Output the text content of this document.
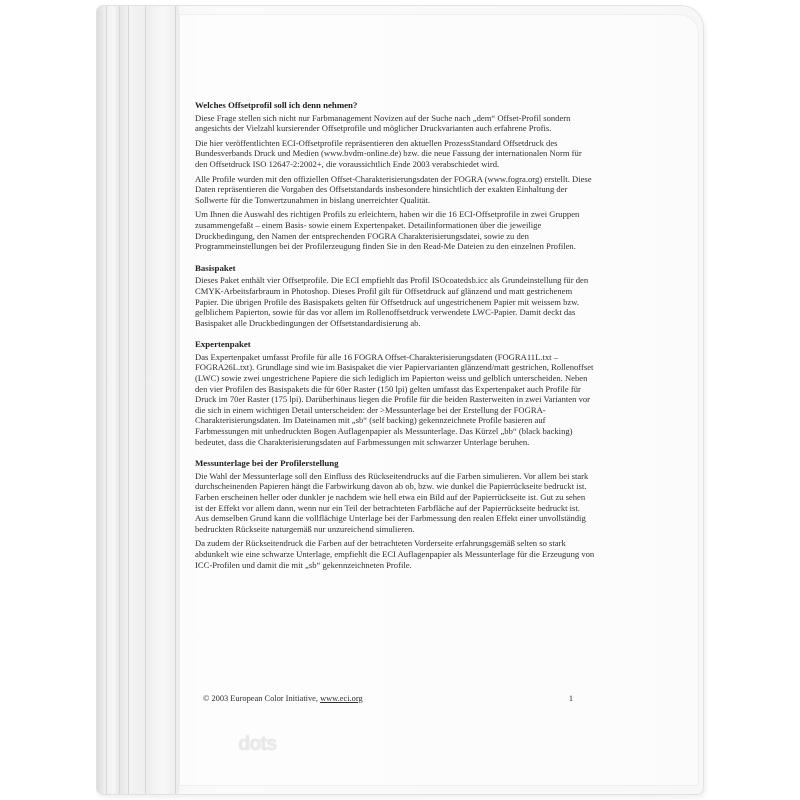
Welches Offsetprofil soll ich denn nehmen?

Diese Frage stellen sich nicht nur Farbmanagement Novizen auf der Suche nach „dem“ Offset-Profil sondern angesichts der Vielzahl kursierender Offsetprofile und möglicher Druckvarianten auch erfahrene Profis.

Die hier veröffentlichten ECI-Offsetprofile repräsentieren den aktuellen ProzessStandard Offsetdruck des Bundesverbands Druck und Medien (www.bvdm-online.de) bzw. die neue Fassung der internationalen Norm für den Offsetdruck ISO 12647-2:2002+, die voraussichtlich Ende 2003 verabschiedet wird.

Alle Profile wurden mit den offiziellen Offset-Charakterisierungsdaten der FOGRA (www.fogra.org) erstellt. Diese Daten repräsentieren die Vorgaben des Offsetstandards insbesondere hinsichtlich der exakten Einhaltung der Sollwerte für die Tonwertzunahmen in bislang unerreichter Qualität.

Um Ihnen die Auswahl des richtigen Profils zu erleichtern, haben wir die 16 ECI-Offsetprofile in zwei Gruppen zusammengefaßt – einem Basis- sowie einem Expertenpaket. Detailinformationen über die jeweilige Druckbedingung, den Namen der entsprechenden FOGRA Charakterisierungsdatei, sowie zu den Programmeinstellungen bei der Profilerzeugung finden Sie in den Read-Me Dateien zu den einzelnen Profilen.

Basispaket

Dieses Paket enthält vier Offsetprofile. Die ECI empfiehlt das Profil ISOcoatedsb.icc als Grundeinstellung für den CMYK-Arbeitsfarbraum in Photoshop. Dieses Profil gilt für Offsetdruck auf glänzend und matt gestrichenem Papier. Die übrigen Profile des Basispakets gelten für Offsetdruck auf ungestrichenem Papier mit weissem bzw. gelblichem Papierton, sowie für das vor allem im Rollenoffsetdruck verwendete LWC-Papier. Damit deckt das Basispaket alle Druckbedingungen der Offsetstandardisierung ab.

Expertenpaket

Das Expertenpaket umfasst Profile für alle 16 FOGRA Offset-Charakterisierungsdaten (FOGRA11L.txt – FOGRA26L.txt). Grundlage sind wie im Basispaket die vier Papiervarianten glänzend/matt gestrichen, Rollenoffset (LWC) sowie zwei ungestrichene Papiere die sich lediglich im Papierton weiss und gelblich unterscheiden. Neben den vier Profilen des Basispakets die für 60er Raster (150 lpi) gelten umfasst das Expertenpaket auch Profile für Druck im 70er Raster (175 lpi). Darüberhinaus liegen die Profile für die beiden Rasterweiten in zwei Varianten vor die sich in einem wichtigen Detail unterscheiden: der >Messunterlage bei der Erstellung der FOGRA-Charakterisierungsdaten. Im Dateinamen mit „sb“ (self backing) gekennzeichnete Profile basieren auf Farbmessungen mit unbedruckten Bogen Auflagenpapier als Messunterlage. Das Kürzel „bb“ (black backing) bedeutet, dass die Charakterisierungsdaten auf Farbmessungen mit schwarzer Unterlage beruhen.

Messunterlage bei der Profilerstellung

Die Wahl der Messunterlage soll den Einfluss des Rückseitendrucks auf die Farben simulieren. Vor allem bei stark durchscheinenden Papieren hängt die Farbwirkung davon ab ob, bzw. wie dunkel die Papierrückseite bedruckt ist. Farben erscheinen heller oder dunkler je nachdem wie hell etwa ein Bild auf der Papierrückseite ist. Gut zu sehen ist der Effekt vor allem dann, wenn nur ein Teil der betrachteten Farbfläche auf der Papierrückseite bedruckt ist. Aus demselben Grund kann die vollflächige Unterlage bei der Farbmessung den realen Effekt einer unvollständig bedruckten Rückseite naturgemäß nur unzureichend simulieren.

Da zudem der Rückseitendruck die Farben auf der betrachteten Vorderseite erfahrungsgemäß selten so stark abdunkelt wie eine schwarze Unterlage, empfiehlt die ECI Auflagenpapier als Messunterlage für die Erzeugung von ICC-Profilen und damit die mit „sb“ gekennzeichneten Profile.

© 2003 European Color Initiative, www.eci.org	1
dots
